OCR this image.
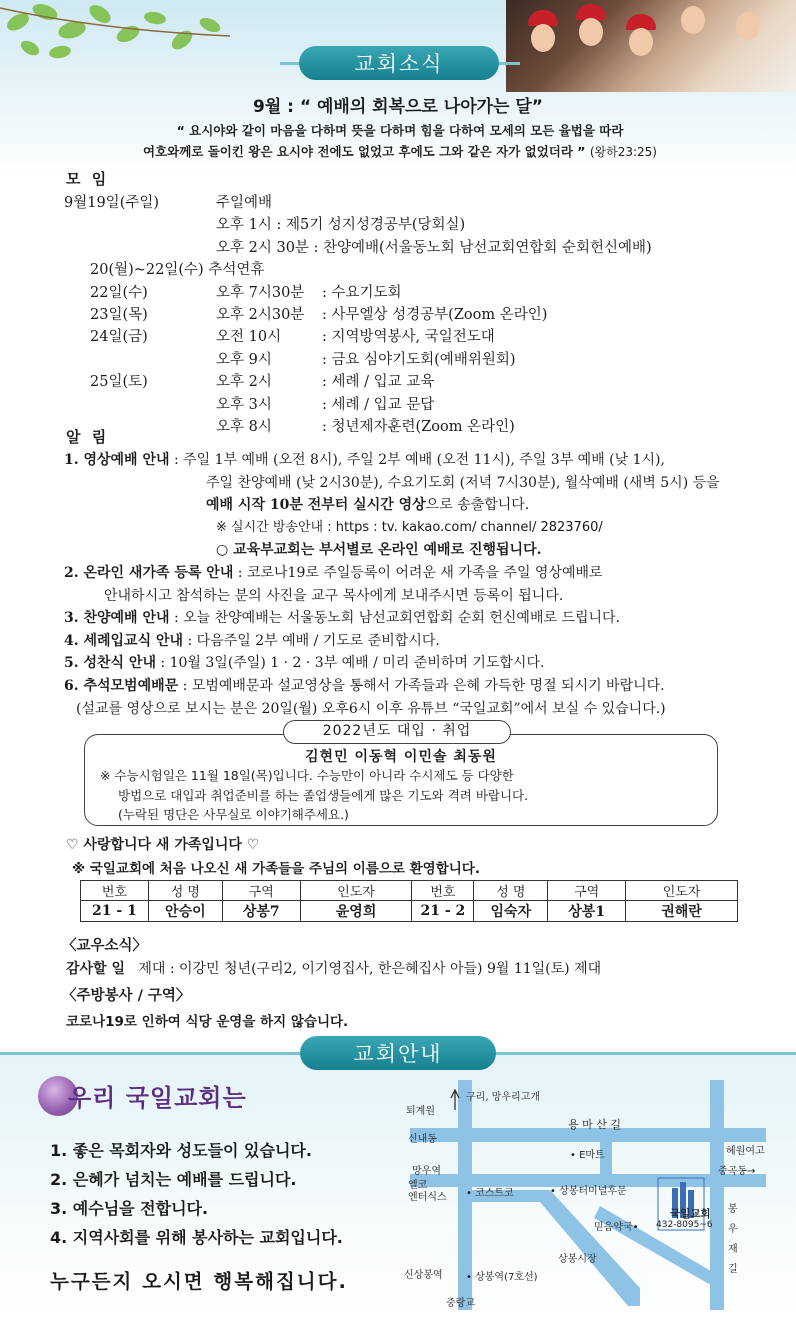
교회소식
9월 : “ 예배의 회복으로 나아가는 달”
“ 요시야와 같이 마음을 다하며 뜻을 다하며 힘을 다하여 모세의 모든 율법을 따라
여호와께로 돌이킨 왕은 요시야 전에도 없었고 후에도 그와 같은 자가 없었더라 ” (왕하23:25)
모 임
9월19일(주일)	주일예배
오후 1시 : 제5기 성지성경공부(당회실)
오후 2시 30분 : 찬양예배(서울동노회 남선교회연합회 순회헌신예배)
20(월)~22일(수) 추석연휴
22일(수)	오후 7시30분 : 수요기도회
23일(목)	오후 2시30분 : 사무엘상 성경공부(Zoom 온라인)
24일(금)	오전 10시	: 지역방역봉사, 국일전도대
오후 9시	: 금요 심야기도회(예배위원회)
25일(토)	오후 2시	: 세례 / 입교 교육
오후 3시	: 세례 / 입교 문답
오후 8시	: 청년제자훈련(Zoom 온라인)
알 림
1. 영상예배 안내 : 주일 1부 예배 (오전 8시), 주일 2부 예배 (오전 11시), 주일 3부 예배 (낮 1시),
주일 찬양예배 (낮 2시30분), 수요기도회 (저녁 7시30분), 월삭예배 (새벽 5시) 등을
예배 시작 10분 전부터 실시간 영상으로 송출합니다.
※ 실시간 방송안내 : https : tv. kakao.com/ channel/ 2823760/
○ 교육부교회는 부서별로 온라인 예배로 진행됩니다.
2. 온라인 새가족 등록 안내 : 코로나19로 주일등록이 어려운 새 가족을 주일 영상예배로
안내하시고 참석하는 분의 사진을 교구 목사에게 보내주시면 등록이 됩니다.
3. 찬양예배 안내 : 오늘 찬양예배는 서울동노회 남선교회연합회 순회 헌신예배로 드립니다.
4. 세례입교식 안내 : 다음주일 2부 예배 / 기도로 준비합시다.
5. 성찬식 안내 : 10월 3일(주일) 1 · 2 · 3부 예배 / 미리 준비하며 기도합시다.
6. 추석모범예배문 : 모범예배문과 설교영상을 통해서 가족들과 은혜 가득한 명절 되시기 바랍니다.
(설교를 영상으로 보시는 분은 20일(월) 오후6시 이후 유튜브 “국일교회”에서 보실 수 있습니다.)
2022년도 대입 · 취업
김현민 이동혁 이민솔 최동원
※ 수능시험일은 11월 18일(목)입니다. 수능만이 아니라 수시제도 등 다양한
방법으로 대입과 취업준비를 하는 졸업생들에게 많은 기도와 격려 바랍니다.
(누락된 명단은 사무실로 이야기해주세요.)
♡ 사랑합니다 새 가족입니다 ♡
※ 국일교회에 처음 나오신 새 가족들을 주님의 이름으로 환영합니다.
번호	성 명	구역	인도자	번호	성 명	구역	인도자
21 - 1	안승이	상봉7	윤영희	21 - 2	임숙자	상봉1	권해란
〈교우소식〉
감사할 일 제대 : 이강민 청년(구리2, 이기영집사, 한은혜집사 아들) 9월 11일(토) 제대
〈주방봉사 / 구역〉
코로나19로 인하여 식당 운영을 하지 않습니다.
교회안내
우리 국일교회는
1. 좋은 목회자와 성도들이 있습니다.
2. 은혜가 넘치는 예배를 드립니다.
3. 예수님을 전합니다.
4. 지역사회를 위해 봉사하는 교회입니다.
누구든지 오시면 행복해집니다.
구리, 망우리고개
용 마 산 길
퇴계원
신내동
• E마트	혜원여고
망우역	중곡동→
엘코
엔터식스 • 코스트코	• 상봉터미널후문
믿음약국•
국일교회
432-8095~6
봉
우
재
길
상봉시장
신상봉역 • 상봉역(7호선)
중랑교
